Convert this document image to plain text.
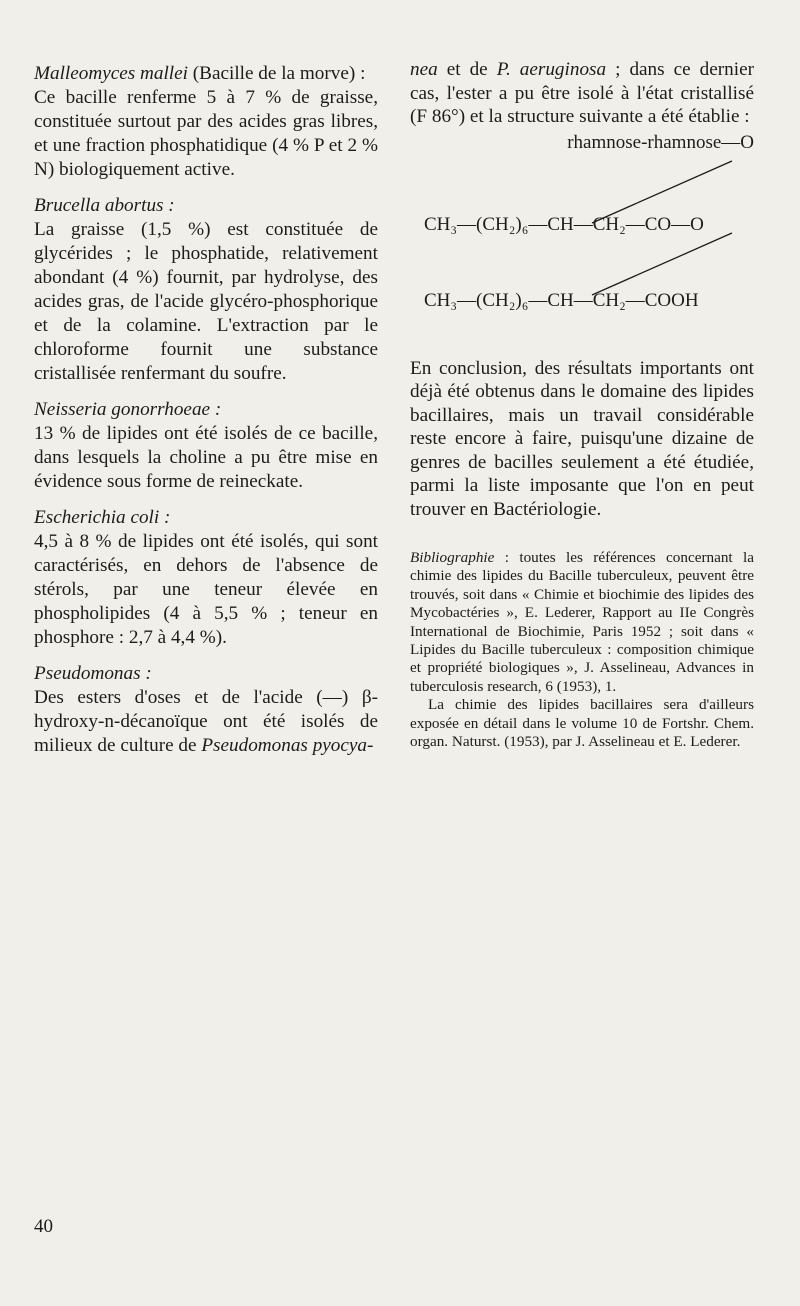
Malleomyces mallei (Bacille de la morve) :

Ce bacille renferme 5 à 7 % de graisse, constituée surtout par des acides gras libres, et une fraction phosphatidique (4 % P et 2 % N) biologiquement active.

Brucella abortus :

La graisse (1,5 %) est constituée de glycérides ; le phosphatide, relativement abondant (4 %) fournit, par hydrolyse, des acides gras, de l'acide glycéro-phosphorique et de la colamine. L'extraction par le chloroforme fournit une substance cristallisée renfermant du soufre.

Neisseria gonorrhoeae :

13 % de lipides ont été isolés de ce bacille, dans lesquels la choline a pu être mise en évidence sous forme de reineckate.

Escherichia coli :

4,5 à 8 % de lipides ont été isolés, qui sont caractérisés, en dehors de l'absence de stérols, par une teneur élevée en phospholipides (4 à 5,5 % ; teneur en phosphore : 2,7 à 4,4 %).

Pseudomonas :

Des esters d'oses et de l'acide (—) β-hydroxy-n-décanoïque ont été isolés de milieux de culture de Pseudomonas pyocya-

nea et de P. aeruginosa ; dans ce dernier cas, l'ester a pu être isolé à l'état cristallisé (F 86°) et la structure suivante a été établie :

rhamnose-rhamnose—O
CH₃—(CH₂)₆—CH—CH₂—CO—O
CH₃—(CH₂)₆—CH—CH₂—COOH

En conclusion, des résultats importants ont déjà été obtenus dans le domaine des lipides bacillaires, mais un travail considérable reste encore à faire, puisqu'une dizaine de genres de bacilles seulement a été étudiée, parmi la liste imposante que l'on en peut trouver en Bactériologie.

Bibliographie : toutes les références concernant la chimie des lipides du Bacille tuberculeux, peuvent être trouvés, soit dans « Chimie et biochimie des lipides des Mycobactéries », E. Lederer, Rapport au IIe Congrès International de Biochimie, Paris 1952 ; soit dans « Lipides du Bacille tuberculeux : composition chimique et propriété biologiques », J. Asselineau, Advances in tuberculosis research, 6 (1953), 1.

La chimie des lipides bacillaires sera d'ailleurs exposée en détail dans le volume 10 de Fortshr. Chem. organ. Naturst. (1953), par J. Asselineau et E. Lederer.

40
